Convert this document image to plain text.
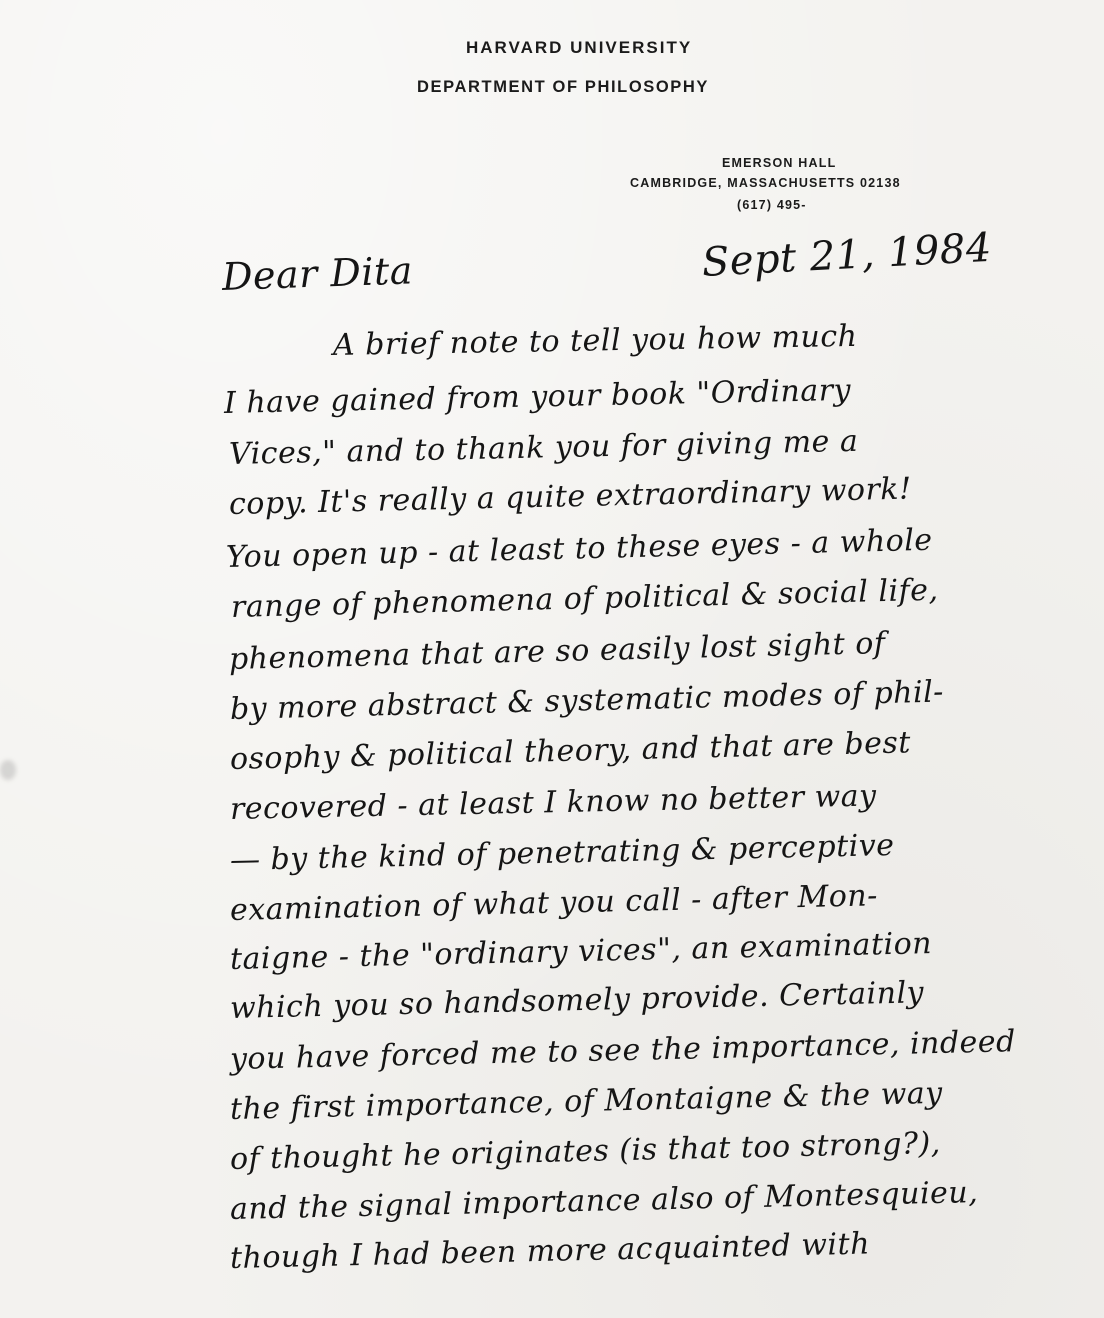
HARVARD UNIVERSITY
DEPARTMENT OF PHILOSOPHY
EMERSON HALL
CAMBRIDGE, MASSACHUSETTS 02138
(617) 495-
Sept 21, 1984
Dear Dita
A brief note to tell you how much
I have gained from your book "Ordinary
Vices," and to thank you for giving me a
copy. It's really a quite extraordinary work!
You open up - at least to these eyes - a whole
range of phenomena of political & social life,
phenomena that are so easily lost sight of
by more abstract & systematic modes of phil-
osophy & political theory, and that are best
recovered - at least I know no better way
— by the kind of penetrating & perceptive
examination of what you call - after Mon-
taigne - the "ordinary vices", an examination
which you so handsomely provide. Certainly
you have forced me to see the importance, indeed
the first importance, of Montaigne & the way
of thought he originates (is that too strong?),
and the signal importance also of Montesquieu,
though I had been more acquainted with
